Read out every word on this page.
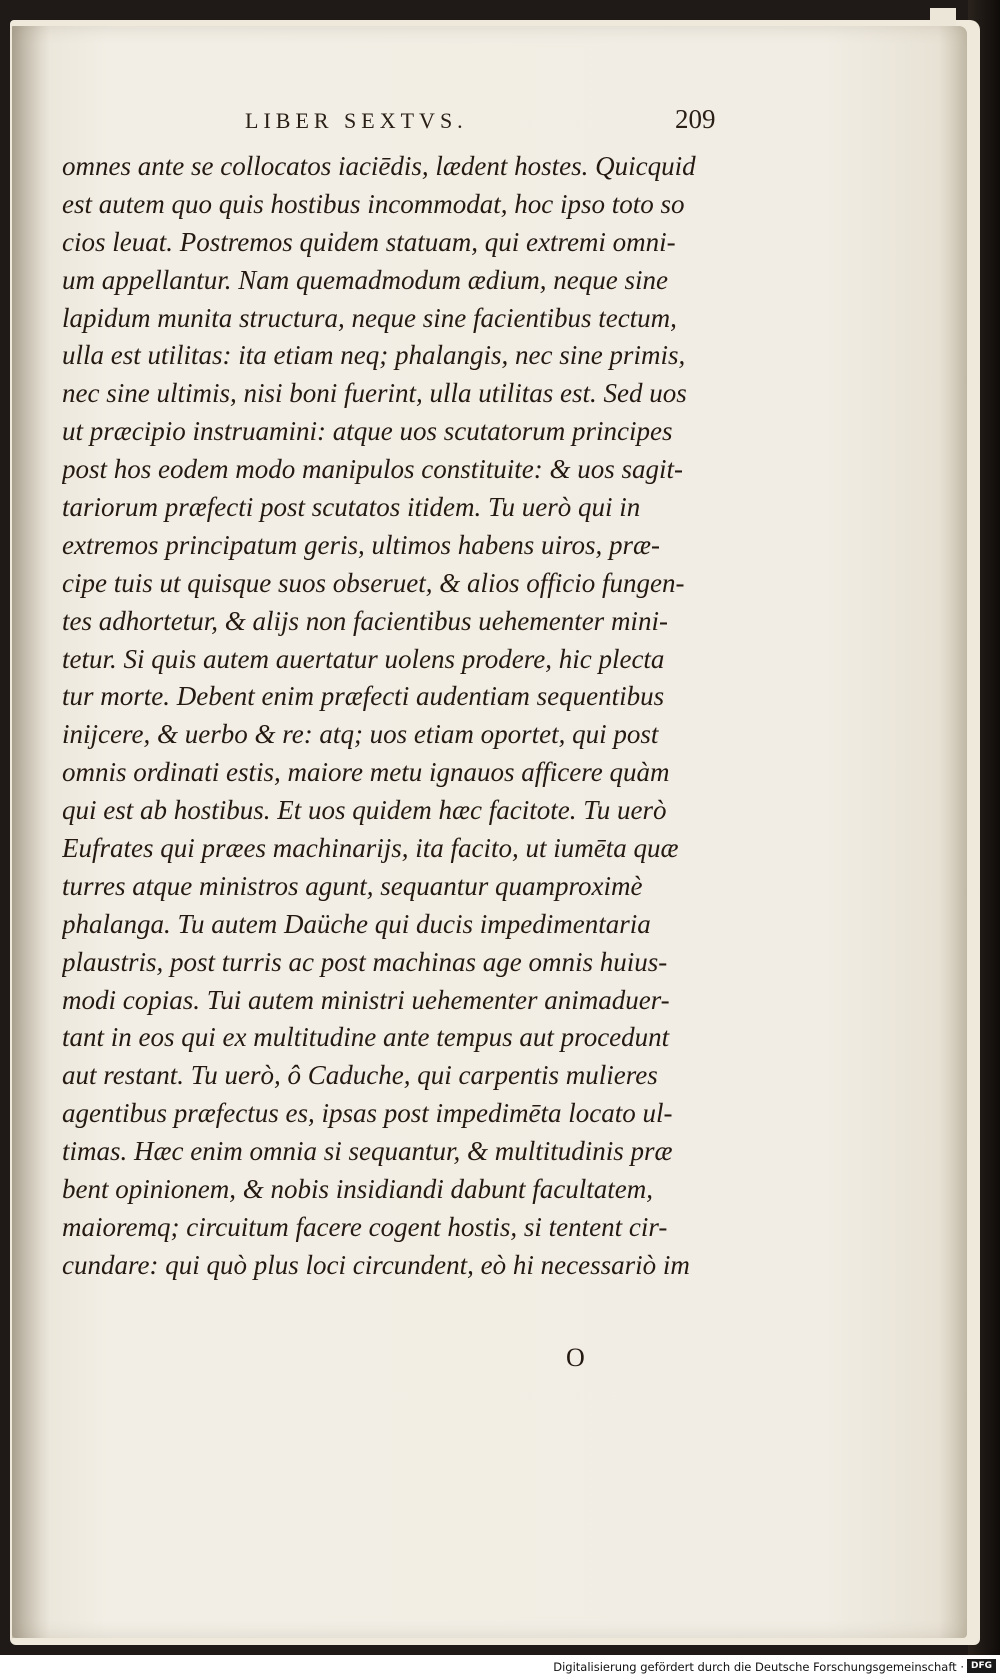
LIBER SEXTVS.	209
omnes ante se collocatos iaciēdis, lædent hostes. Quicquid
est autem quo quis hostibus incommodat, hoc ipso toto so
cios leuat. Postremos quidem statuam, qui extremi omni-
um appellantur. Nam quemadmodum ædium, neque sine
lapidum munita structura, neque sine facientibus tectum,
ulla est utilitas: ita etiam neq; phalangis, nec sine primis,
nec sine ultimis, nisi boni fuerint, ulla utilitas est. Sed uos
ut præcipio instruamini: atque uos scutatorum principes
post hos eodem modo manipulos constituite: & uos sagit-
tariorum præfecti post scutatos itidem. Tu uerò qui in
extremos principatum geris, ultimos habens uiros, præ-
cipe tuis ut quisque suos obseruet, & alios officio fungen-
tes adhortetur, & alijs non facientibus uehementer mini-
tetur. Si quis autem auertatur uolens prodere, hic plecta
tur morte. Debent enim præfecti audentiam sequentibus
inijcere, & uerbo & re: atq; uos etiam oportet, qui post
omnis ordinati estis, maiore metu ignauos afficere quàm
qui est ab hostibus. Et uos quidem hæc facitote. Tu uerò
Eufrates qui præes machinarijs, ita facito, ut iumēta quæ
turres atque ministros agunt, sequantur quamproximè
phalanga. Tu autem Daüche qui ducis impedimentaria
plaustris, post turris ac post machinas age omnis huius-
modi copias. Tui autem ministri uehementer animaduer-
tant in eos qui ex multitudine ante tempus aut procedunt
aut restant. Tu uerò, ô Caduche, qui carpentis mulieres
agentibus præfectus es, ipsas post impedimēta locato ul-
timas. Hæc enim omnia si sequantur, & multitudinis præ
bent opinionem, & nobis insidiandi dabunt facultatem,
maioremq; circuitum facere cogent hostis, si tentent cir-
cundare: qui quò plus loci circundent, eò hi necessariò im
O
Digitalisierung gefördert durch die Deutsche Forschungsgemeinschaft · DFG
